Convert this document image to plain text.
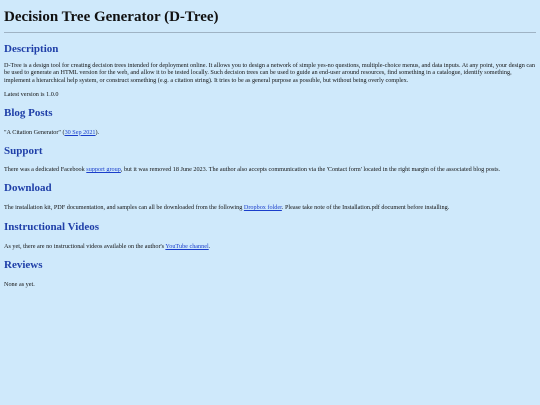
Decision Tree Generator (D-Tree)
Description

D-Tree is a design tool for creating decision trees intended for deployment online. It allows you to design a network of simple yes-no questions, multiple-choice menus, and data inputs. At any point, your design can be used to generate an HTML version for the web, and allow it to be tested locally. Such decision trees can be used to guide an end-user around resources, find something in a catalogue, identify something, implement a hierarchical help system, or construct something (e.g. a citation string). It tries to be as general purpose as possible, but without being overly complex.

Latest version is 1.0.0

Blog Posts

"A Citation Generator" (30 Sep 2021).

Support

There was a dedicated Facebook support group, but it was removed 18 June 2023. The author also accepts communication via the 'Contact form' located in the right margin of the associated blog posts.

Download

The installation kit, PDF documentation, and samples can all be downloaded from the following Dropbox folder. Please take note of the Installation.pdf document before installing.

Instructional Videos

As yet, there are no instructional videos available on the author's YouTube channel.

Reviews

None as yet.
